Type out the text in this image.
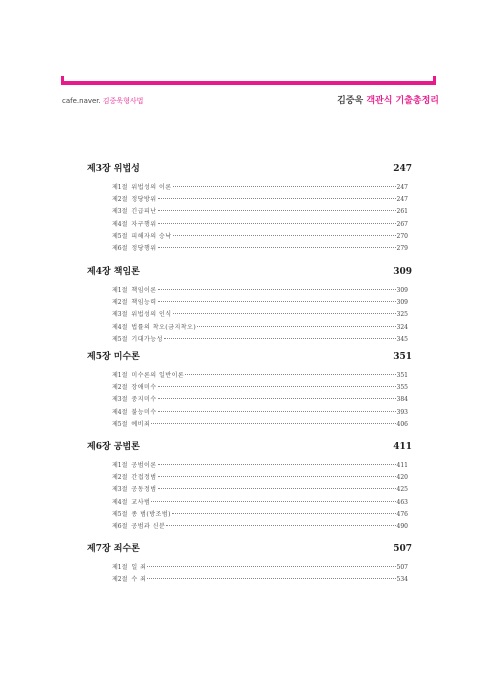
cafe.naver. 김중욱형사법	김중욱 객관식 기출총정리
제3장 위법성	247
제1절 위법성의 이론	247
제2절 정당방위	247
제3절 긴급피난	261
제4절 자구행위	267
제5절 피해자의 승낙	270
제6절 정당행위	279
제4장 책임론	309
제1절 책임이론	309
제2절 책임능력	309
제3절 위법성의 인식	325
제4절 법률의 착오(금지착오)	324
제5절 기대가능성	345
제5장 미수론	351
제1절 미수론의 일반이론	351
제2절 장애미수	355
제3절 중지미수	384
제4절 불능미수	393
제5절 예비죄	406
제6장 공범론	411
제1절 공범이론	411
제2절 간접정범	420
제3절 공동정범	425
제4절 교사범	463
제5절 종 범(방조범)	476
제6절 공범과 신분	490
제7장 죄수론	507
제1절 일 죄	507
제2절 수 죄	534
